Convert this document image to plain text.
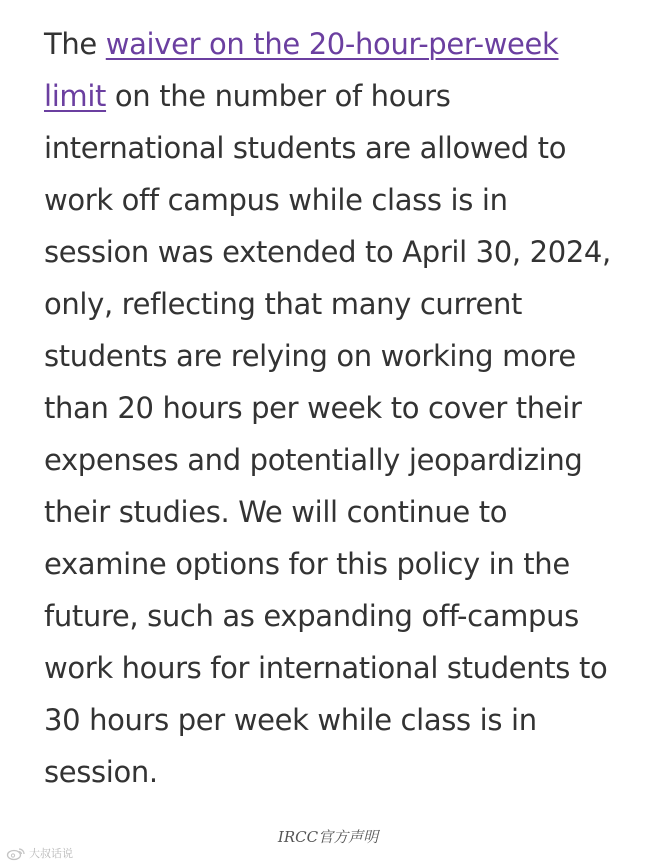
The waiver on the 20-hour-per-week limit on the number of hours international students are allowed to work off campus while class is in session was extended to April 30, 2024, only, reflecting that many current students are relying on working more than 20 hours per week to cover their expenses and potentially jeopardizing their studies. We will continue to examine options for this policy in the future, such as expanding off-campus work hours for international students to 30 hours per week while class is in session.

IRCC官方声明
大叔话说
